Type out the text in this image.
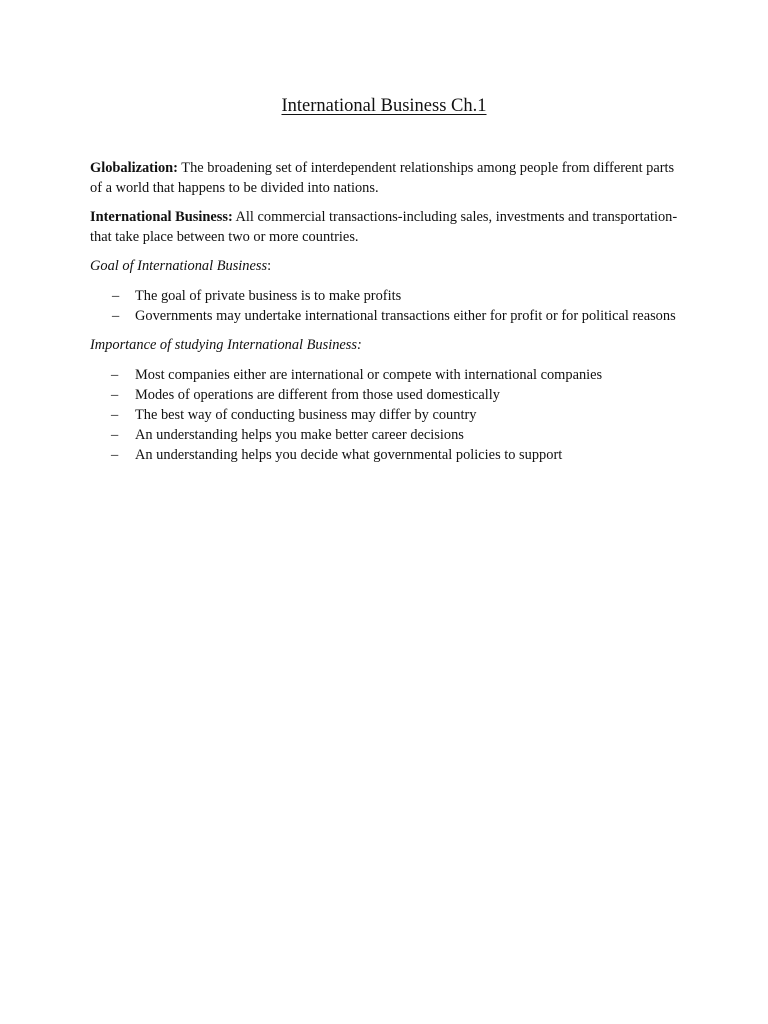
International Business Ch.1

Globalization: The broadening set of interdependent relationships among people from different parts of a world that happens to be divided into nations.

International Business: All commercial transactions-including sales, investments and transportation- that take place between two or more countries.

Goal of International Business:

– The goal of private business is to make profits
– Governments may undertake international transactions either for profit or for political reasons

Importance of studying International Business:

– Most companies either are international or compete with international companies
– Modes of operations are different from those used domestically
– The best way of conducting business may differ by country
– An understanding helps you make better career decisions
– An understanding helps you decide what governmental policies to support
